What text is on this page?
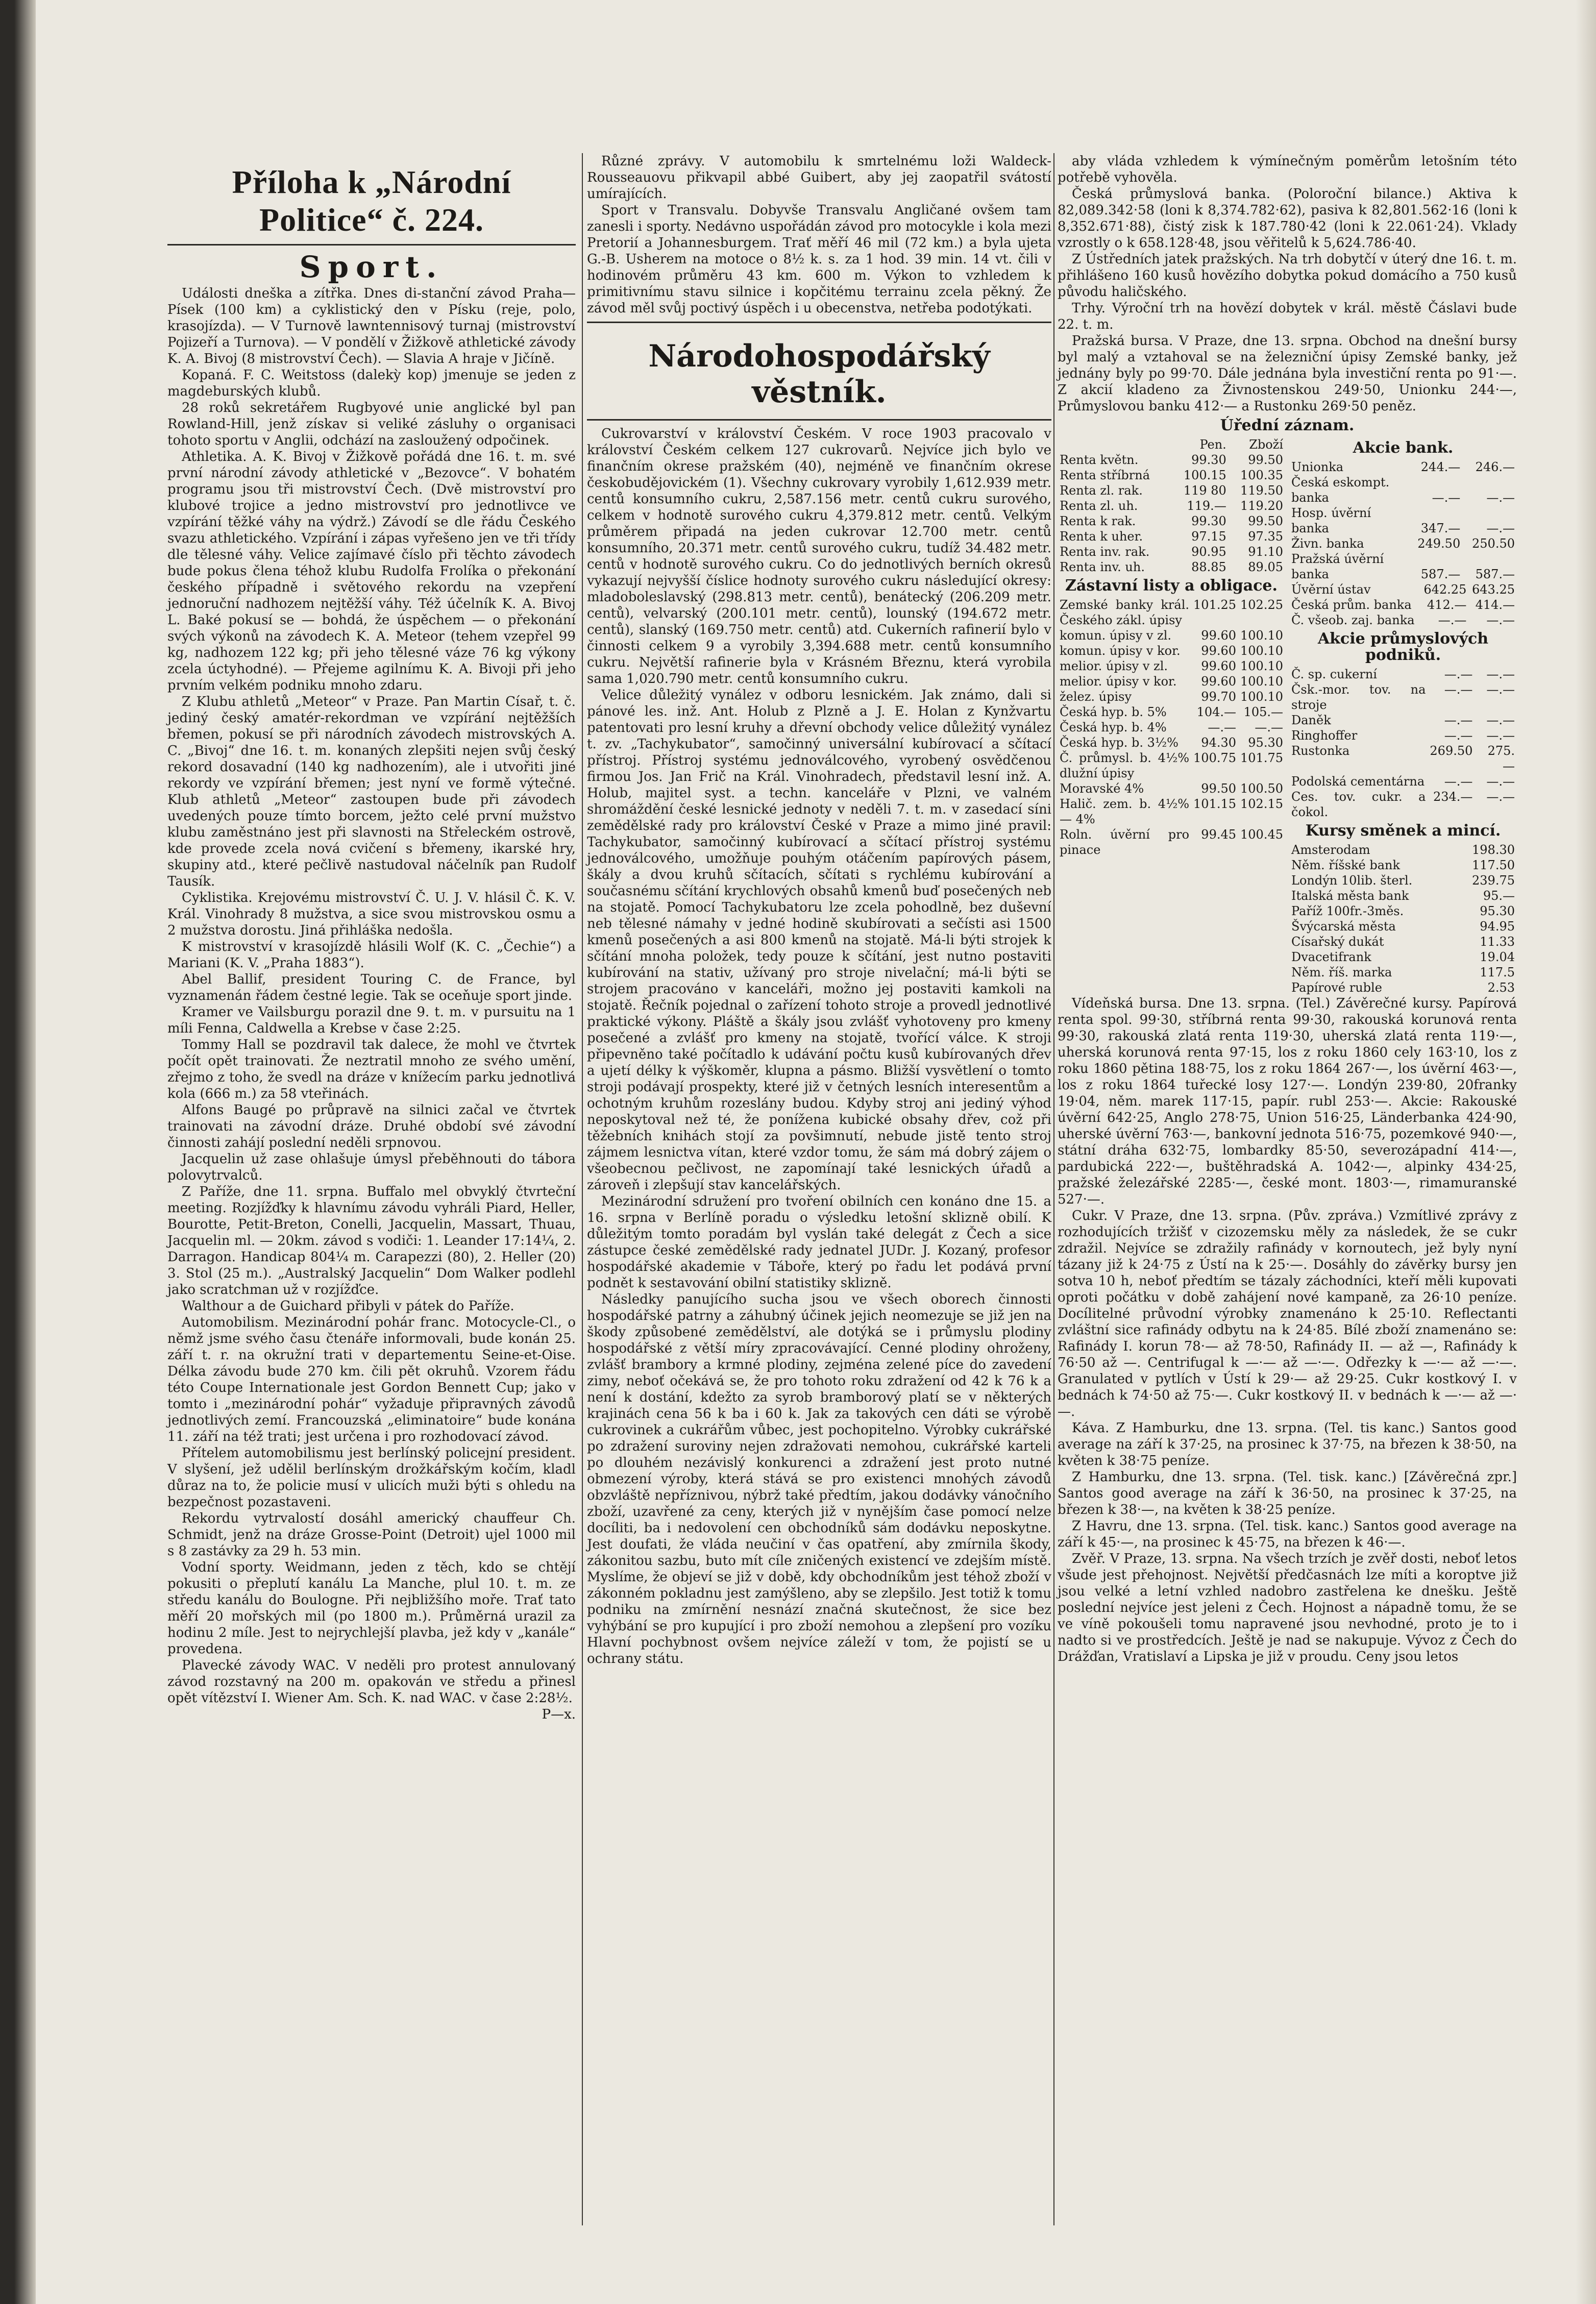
Příloha k „Národní Politice“ č. 224.
Sport.

Události dneška a zítřka. Dnes di-stanční závod Praha—Písek (100 km) a cyklistický den v Písku (reje, polo, krasojízda). — V Turnově lawntennisový turnaj (mistrovství Pojizeří a Turnova). — V pondělí v Žižkově athletické závody K. A. Bivoj (8 mistrovství Čech). — Slavia A hraje v Jičíně.

Kopaná. F. C. Weitstoss (dalekỳ kop) jmenuje se jeden z magdeburských klubů.

28 roků sekretářem Rugbyové unie anglické byl pan Rowland-Hill, jenž získav si veliké zásluhy o organisaci tohoto sportu v Anglii, odchází na zasloužený odpočinek.

Athletika. A. K. Bivoj v Žižkově pořádá dne 16. t. m. své první národní závody athletické v „Bezovce“. V bohatém programu jsou tři mistrovství Čech. (Dvě mistrovství pro klubové trojice a jedno mistrovství pro jednotlivce ve vzpírání těžké váhy na výdrž.) Závodí se dle řádu Českého svazu athletického. Vzpírání i zápas vyřešeno jen ve tři třídy dle tělesné váhy. Velice zajímavé číslo při těchto závodech bude pokus člena téhož klubu Rudolfa Frolíka o překonání českého případně i světového rekordu na vzepření jednoruční nadhozem nejtěžší váhy. Též účelník K. A. Bivoj L. Baké pokusí se — bohdá, že úspěchem — o překonání svých výkonů na závodech K. A. Meteor (tehem vzepřel 99 kg, nadhozem 122 kg; při jeho tělesné váze 76 kg výkony zcela úctyhodné). — Přejeme agilnímu K. A. Bivoji při jeho prvním velkém podniku mnoho zdaru.

Z Klubu athletů „Meteor“ v Praze. Pan Martin Císař, t. č. jediný český amatér-rekordman ve vzpírání nejtěžších břemen, pokusí se při národních závodech mistrovských A. C. „Bivoj“ dne 16. t. m. konaných zlepšiti nejen svůj český rekord dosavadní (140 kg nadhozením), ale i utvořiti jiné rekordy ve vzpírání břemen; jest nyní ve formě výtečné. Klub athletů „Meteor“ zastoupen bude při závodech uvedených pouze tímto borcem, ježto celé první mužstvo klubu zaměstnáno jest při slavnosti na Střeleckém ostrově, kde provede zcela nová cvičení s břemeny, ikarské hry, skupiny atd., které pečlivě nastudoval náčelník pan Rudolf Tausík.

Cyklistika. Krejovému mistrovství Č. U. J. V. hlásil Č. K. V. Král. Vinohrady 8 mužstva, a sice svou mistrovskou osmu a 2 mužstva dorostu. Jiná přihláška nedošla.

K mistrovství v krasojízdě hlásili Wolf (K. C. „Čechie“) a Mariani (K. V. „Praha 1883“).

Abel Ballif, president Touring C. de France, byl vyznamenán řádem čestné legie. Tak se oceňuje sport jinde.

Kramer ve Vailsburgu porazil dne 9. t. m. v pursuitu na 1 míli Fenna, Caldwella a Krebse v čase 2:25.

Tommy Hall se pozdravil tak dalece, že mohl ve čtvrtek počít opět trainovati. Že neztratil mnoho ze svého umění, zřejmo z toho, že svedl na dráze v knížecím parku jednotlivá kola (666 m.) za 58 vteřinách.

Alfons Baugé po průpravě na silnici začal ve čtvrtek trainovati na závodní dráze. Druhé období své závodní činnosti zahájí poslední neděli srpnovou.

Jacquelin už zase ohlašuje úmysl přeběhnouti do tábora polovytrvalců.

Z Paříže, dne 11. srpna. Buffalo mel obvyklý čtvrteční meeting. Rozjížďky k hlavnímu závodu vyhráli Piard, Heller, Bourotte, Petit-Breton, Conelli, Jacquelin, Massart, Thuau, Jacquelin ml. — 20km. závod s vodiči: 1. Leander 17:14¼, 2. Darragon. Handicap 804¼ m. Carapezzi (80), 2. Heller (20) 3. Stol (25 m.). „Australský Jacquelin“ Dom Walker podlehl jako scratchman už v rozjížďce.

Walthour a de Guichard přibyli v pátek do Paříže.

Automobilism. Mezinárodní pohár franc. Motocycle-Cl., o němž jsme svého času čtenáře informovali, bude konán 25. září t. r. na okružní trati v departementu Seine-et-Oise. Délka závodu bude 270 km. čili pět okruhů. Vzorem řádu této Coupe Internationale jest Gordon Bennett Cup; jako v tomto i „mezinárodní pohár“ vyžaduje připravných závodů jednotlivých zemí. Francouzská „eliminatoire“ bude konána 11. září na též trati; jest určena i pro rozhodovací závod.

Přítelem automobilismu jest berlínský policejní president. V slyšení, jež udělil berlínským drožkářským kočím, kladl důraz na to, že policie musí v ulicích muži býti s ohledu na bezpečnost pozastaveni.

Rekordu vytrvalostí dosáhl americký chauffeur Ch. Schmidt, jenž na dráze Grosse-Point (Detroit) ujel 1000 mil s 8 zastávky za 29 h. 53 min.

Vodní sporty. Weidmann, jeden z těch, kdo se chtějí pokusiti o přeplutí kanálu La Manche, plul 10. t. m. ze středu kanálu do Boulogne. Při nejbližšího moře. Trať tato měří 20 mořských mil (po 1800 m.). Průměrná urazil za hodinu 2 míle. Jest to nejrychlejší plavba, jež kdy v „kanále“ provedena.

Plavecké závody WAC. V neděli pro protest annulovaný závod rozstavný na 200 m. opakován ve středu a přinesl opět vítězství I. Wiener Am. Sch. K. nad WAC. v čase 2:28½.

P—x.

Různé zprávy. V automobilu k smrtelnému loži Waldeck-Rousseauovu přikvapil abbé Guibert, aby jej zaopatřil svátostí umírajících.

Sport v Transvalu. Dobyvše Transvalu Angličané ovšem tam zanesli i sporty. Nedávno uspořádán závod pro motocykle i kola mezi Pretorií a Johannesburgem. Trať měří 46 mil (72 km.) a byla ujeta G.-B. Usherem na motoce o 8½ k. s. za 1 hod. 39 min. 14 vt. čili v hodinovém průměru 43 km. 600 m. Výkon to vzhledem k primitivnímu stavu silnice i kopčitému terrainu zcela pěkný. Že závod měl svůj poctivý úspěch i u obecenstva, netřeba podotýkati.

Národohospodářský věstník.

Cukrovarství v království Českém. V roce 1903 pracovalo v království Českém celkem 127 cukrovarů. Nejvíce jich bylo ve finančním okrese pražském (40), nejméně ve finančním okrese českobudějovickém (1). Všechny cukrovary vyrobily 1,612.939 metr. centů konsumního cukru, 2,587.156 metr. centů cukru surového, celkem v hodnotě surového cukru 4,379.812 metr. centů. Velkým průměrem připadá na jeden cukrovar 12.700 metr. centů konsumního, 20.371 metr. centů surového cukru, tudíž 34.482 metr. centů v hodnotě surového cukru. Co do jednotlivých berních okresů vykazují nejvyšší číslice hodnoty surového cukru následující okresy: mladoboleslavský (298.813 metr. centů), benátecký (206.209 metr. centů), velvarský (200.101 metr. centů), lounský (194.672 metr. centů), slanský (169.750 metr. centů) atd. Cukerních rafinerií bylo v činnosti celkem 9 a vyrobily 3,394.688 metr. centů konsumního cukru. Největší rafinerie byla v Krásném Březnu, která vyrobila sama 1,020.790 metr. centů konsumního cukru.

Velice důležitý vynález v odboru lesnickém. Jak známo, dali si pánové les. inž. Ant. Holub z Plzně a J. E. Holan z Kynžvartu patentovati pro lesní kruhy a dřevní obchody velice důležitý vynález t. zv. „Tachykubator“, samočinný universální kubírovací a sčítací přístroj. Přístroj systému jednoválcového, vyrobený osvědčenou firmou Jos. Jan Frič na Král. Vinohradech, představil lesní inž. A. Holub, majitel syst. a techn. kanceláře v Plzni, ve valném shromáždění české lesnické jednoty v neděli 7. t. m. v zasedací síni zemědělské rady pro království České v Praze a mimo jiné pravil: Tachykubator, samočinný kubírovací a sčítací přístroj systému jednoválcového, umožňuje pouhým otáčením papírových pásem, škály a dvou kruhů sčítacích, sčítati s rychlému kubírování a současnému sčítání krychlových obsahů kmenů buď posečených neb na stojatě. Pomocí Tachykubatoru lze zcela pohodlně, bez duševní neb tělesné námahy v jedné hodině skubírovati a sečísti asi 1500 kmenů posečených a asi 800 kmenů na stojatě. Má-li býti strojek k sčítání mnoha položek, tedy pouze k sčítání, jest nutno postaviti kubírování na stativ, užívaný pro stroje nivelační; má-li býti se strojem pracováno v kanceláři, možno jej postaviti kamkoli na stojatě. Řečník pojednal o zařízení tohoto stroje a provedl jednotlivé praktické výkony. Pláště a škály jsou zvlášť vyhotoveny pro kmeny posečené a zvlášť pro kmeny na stojatě, tvořící válce. K stroji připevněno také počítadlo k udávání počtu kusů kubírovaných dřev a ujetí délky k výškoměr, klupna a pásmo. Bližší vysvětlení o tomto stroji podávají prospekty, které již v četných lesních interesentům a ochotným kruhům rozeslány budou. Kdyby stroj ani jediný výhod neposkytoval než té, že ponížena kubické obsahy dřev, což při těžebních knihách stojí za povšimnutí, nebude jistě tento stroj zájmem lesnictva vítan, které vzdor tomu, že sám má dobrý zájem o všeobecnou pečlivost, ne zapomínají také lesnických úřadů a zároveň i zlepšují stav kancelářských.

Mezinárodní sdružení pro tvoření obilních cen konáno dne 15. a 16. srpna v Berlíně poradu o výsledku letošní sklizně obilí. K důležitým tomto poradám byl vyslán také delegát z Čech a sice zástupce české zemědělské rady jednatel JUDr. J. Kozaný, profesor hospodářské akademie v Táboře, který po řadu let podává první podnět k sestavování obilní statistiky sklizně.

Následky panujícího sucha jsou ve všech oborech činnosti hospodářské patrny a záhubný účinek jejich neomezuje se již jen na škody způsobené zemědělství, ale dotýká se i průmyslu plodiny hospodářské z větší míry zpracovávající. Cenné plodiny ohroženy, zvlášť brambory a krmné plodiny, zejména zelené píce do zavedení zimy, neboť očekává se, že pro tohoto roku zdražení od 42 k 76 k a není k dostání, kdežto za syrob bramborový platí se v některých krajinách cena 56 k ba i 60 k. Jak za takových cen dáti se výrobě cukrovinek a cukrářům vůbec, jest pochopitelno. Výrobky cukrářské po zdražení suroviny nejen zdražovati nemohou, cukrářské karteli po dlouhém nezávislý konkurenci a zdražení jest proto nutné obmezení výroby, která stává se pro existenci mnohých závodů obzvláště nepříznivou, nýbrž také předtím, jakou dodávky vánočního zboží, uzavřené za ceny, kterých již v nynějším čase pomocí nelze docíliti, ba i nedovolení cen obchodníků sám dodávku neposkytne. Jest doufati, že vláda neučiní v čas opatření, aby zmírnila škody, zákonitou sazbu, buto mít cíle zničených existencí ve zdejším místě. Myslíme, že objeví se již v době, kdy obchodníkům jest téhož zboží v zákonném pokladnu jest zamýšleno, aby se zlepšilo. Jest totiž k tomu podniku na zmírnění nesnází značná skutečnost, že sice bez vyhýbání se pro kupující i pro zboží nemohou a zlepšení pro vozíku Hlavní pochybnost ovšem nejvíce záleží v tom, že pojistí se u ochrany státu.

aby vláda vzhledem k výmínečným poměrům letošním této potřebě vyhověla.

Česká průmyslová banka. (Poloroční bilance.) Aktiva k 82,089.342·58 (loni k 8,374.782·62), pasiva k 82,801.562·16 (loni k 8,352.671·88), čistý zisk k 187.780·42 (loni k 22.061·24). Vklady vzrostly o k 658.128·48, jsou věřitelů k 5,624.786·40.

Z Ústředních jatek pražských. Na trh dobytčí v úterý dne 16. t. m. přihlášeno 160 kusů hovězího dobytka pokud domácího a 750 kusů původu haličského.

Trhy. Výroční trh na hovězí dobytek v král. městě Čáslavi bude 22. t. m.

Pražská bursa. V Praze, dne 13. srpna. Obchod na dnešní bursy byl malý a vztahoval se na železniční úpisy Zemské banky, jež jednány byly po 99·70. Dále jednána byla investiční renta po 91·—. Z akcií kladeno za Živnostenskou 249·50, Unionku 244·—, Průmyslovou banku 412·— a Rustonku 269·50 peněz.

Úřední záznam.
	Pen.	Zboží
Renta květn.	99.30	99.50
Renta stříbrná	100.15	100.35
Renta zl. rak.	119 80	119.50
Renta zl. uh.	119.—	119.20
Renta k rak.	99.30	99.50
Renta k uher.	97.15	97.35
Renta inv. rak.	90.95	91.10
Renta inv. uh.	88.85	89.05
Zástavní listy a obligace.
Zemské banky král. Českého zákl. úpisy	101.25	102.25
komun. úpisy v zl.	99.60	100.10
komun. úpisy v kor.	99.60	100.10
melior. úpisy v zl.	99.60	100.10
melior. úpisy v kor.	99.60	100.10
želez. úpisy	99.70	100.10
Česká hyp. b. 5%	104.—	105.—
Česká hyp. b. 4%	—.—	—.—
Česká hyp. b. 3½%	94.30	95.30
Č. průmysl. b. 4½% dlužní úpisy	100.75	101.75
Moravské 4%	99.50	100.50
Halič. zem. b. 4½% — 4%	101.15	102.15
Roln. úvěrní pro pinace	99.45	100.45
Akcie bank.
Unionka	244.—	246.—
Česká eskompt.		
banka	—.—	—.—
Hosp. úvěrní		
banka	347.—	—.—
Živn. banka	249.50	250.50
Pražská úvěrní		
banka	587.—	587.—
Úvěrní ústav	642.25	643.25
Česká prům. banka	412.—	414.—
Č. všeob. zaj. banka	—.—	—.—
Akcie průmyslových podniků.
Č. sp. cukerní	—.—	—.—
Čsk.-mor. tov. na stroje	—.—	—.—
Daněk	—.—	—.—
Ringhoffer	—.—	—.—
Rustonka	269.50	275.—
Podolská cementárna	—.—	—.—
Ces. tov. cukr. a čokol.	234.—	—.—
Kursy směnek a mincí.
Amsterodam	198.30
Něm. říšské bank	117.50
Londýn 10lib. šterl.	239.75
Italská města bank	95.—
Paříž 100fr.-3měs.	95.30
Švýcarská města	94.95
Císařský dukát	11.33
Dvacetifrank	19.04
Něm. říš. marka	117.5
Papírové ruble	2.53

Vídeňská bursa. Dne 13. srpna. (Tel.) Závěrečné kursy. Papírová renta spol. 99·30, stříbrná renta 99·30, rakouská korunová renta 99·30, rakouská zlatá renta 119·30, uherská zlatá renta 119·—, uherská korunová renta 97·15, los z roku 1860 cely 163·10, los z roku 1860 pětina 188·75, los z roku 1864 267·—, los úvěrní 463·—, los z roku 1864 tuřecké losy 127·—. Londýn 239·80, 20franky 19·04, něm. marek 117·15, papír. rubl 253·—. Akcie: Rakouské úvěrní 642·25, Anglo 278·75, Union 516·25, Länderbanka 424·90, uherské úvěrní 763·—, bankovní jednota 516·75, pozemkové 940·—, státní dráha 632·75, lombardky 85·50, severozápadní 414·—, pardubická 222·—, buštěhradská A. 1042·—, alpinky 434·25, pražské železářské 2285·—, české mont. 1803·—, rimamuranské 527·—.

Cukr. V Praze, dne 13. srpna. (Pův. zpráva.) Vzmítlivé zprávy z rozhodujících tržišť v cizozemsku měly za následek, že se cukr zdražil. Nejvíce se zdražily rafinády v kornoutech, jež byly nyní tázany již k 24·75 z Ústí na k 25·—. Dosáhly do závěrky bursy jen sotva 10 h, neboť předtím se tázaly záchodníci, kteří měli kupovati oproti počátku v době zahájení nové kampaně, za 26·10 peníze. Docílitelné průvodní výrobky znamenáno k 25·10. Reflectanti zvláštní sice rafinády odbytu na k 24·85. Bílé zboží znamenáno se: Rafinády I. korun 78·— až 78·50, Rafinády II. — až —, Rafinády k 76·50 až —. Centrifugal k —·— až —·—. Odřezky k —·— až —·—. Granulated v pytlích v Ústí k 29·— až 29·25. Cukr kostkový I. v bednách k 74·50 až 75·—. Cukr kostkový II. v bednách k —·— až —·—.

Káva. Z Hamburku, dne 13. srpna. (Tel. tis kanc.) Santos good average na září k 37·25, na prosinec k 37·75, na březen k 38·50, na květen k 38·75 peníze.

Z Hamburku, dne 13. srpna. (Tel. tisk. kanc.) [Závěrečná zpr.] Santos good average na září k 36·50, na prosinec k 37·25, na březen k 38·—, na květen k 38·25 peníze.

Z Havru, dne 13. srpna. (Tel. tisk. kanc.) Santos good average na září k 45·—, na prosinec k 45·75, na březen k 46·—.

Zvěř. V Praze, 13. srpna. Na všech trzích je zvěř dosti, neboť letos všude jest přehojnost. Největší předčasnách lze míti a koroptve již jsou velké a letní vzhled nadobro zastřelena ke dnešku. Ještě poslední nejvíce jest jeleni z Čech. Hojnost a nápadně tomu, že se ve víně pokoušeli tomu napravené jsou nevhodné, proto je to i nadto si ve prostředcích. Ještě je nad se nakupuje. Vývoz z Čech do Drážďan, Vratislaví a Lipska je již v proudu. Ceny jsou letos
